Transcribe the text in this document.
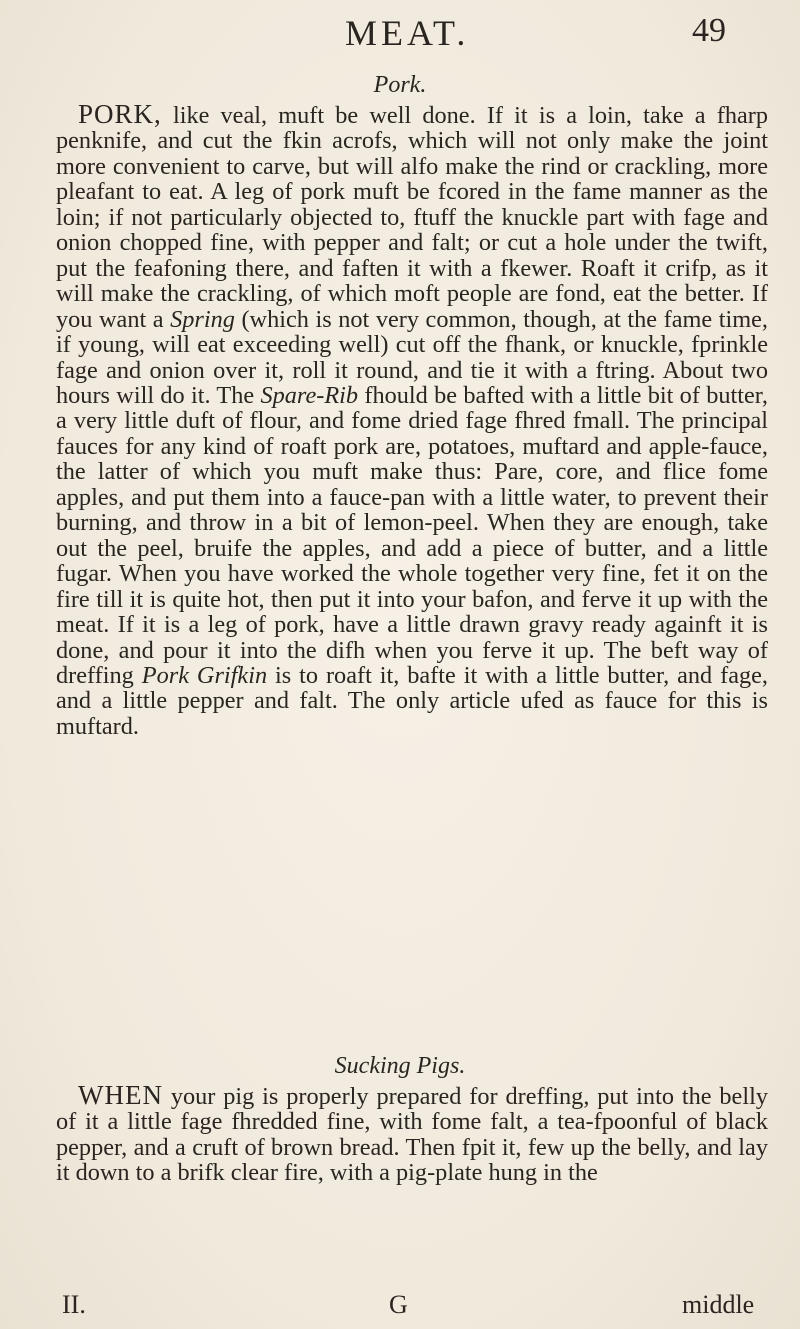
MEAT.	49
Pork.

PORK, like veal, muft be well done. If it is a loin, take a fharp penknife, and cut the fkin acrofs, which will not only make the joint more convenient to carve, but will alfo make the rind or crackling, more pleafant to eat. A leg of pork muft be fcored in the fame manner as the loin; if not particularly objected to, ftuff the knuckle part with fage and onion chopped fine, with pepper and falt; or cut a hole under the twift, put the feafoning there, and faften it with a fkewer. Roaft it crifp, as it will make the crackling, of which moft people are fond, eat the better. If you want a Spring (which is not very common, though, at the fame time, if young, will eat exceeding well) cut off the fhank, or knuckle, fprinkle fage and onion over it, roll it round, and tie it with a ftring. About two hours will do it. The Spare-Rib fhould be bafted with a little bit of butter, a very little duft of flour, and fome dried fage fhred fmall. The principal fauces for any kind of roaft pork are, potatoes, muftard and apple-fauce, the latter of which you muft make thus: Pare, core, and flice fome apples, and put them into a fauce-pan with a little water, to prevent their burning, and throw in a bit of lemon-peel. When they are enough, take out the peel, bruife the apples, and add a piece of butter, and a little fugar. When you have worked the whole together very fine, fet it on the fire till it is quite hot, then put it into your bafon, and ferve it up with the meat. If it is a leg of pork, have a little drawn gravy ready againft it is done, and pour it into the difh when you ferve it up. The beft way of dreffing Pork Grifkin is to roaft it, bafte it with a little butter, and fage, and a little pepper and falt. The only article ufed as fauce for this is muftard.

Sucking Pigs.

WHEN your pig is properly prepared for dreffing, put into the belly of it a little fage fhredded fine, with fome falt, a tea-fpoonful of black pepper, and a cruft of brown bread. Then fpit it, few up the belly, and lay it down to a brifk clear fire, with a pig-plate hung in the

II.	G	middle
